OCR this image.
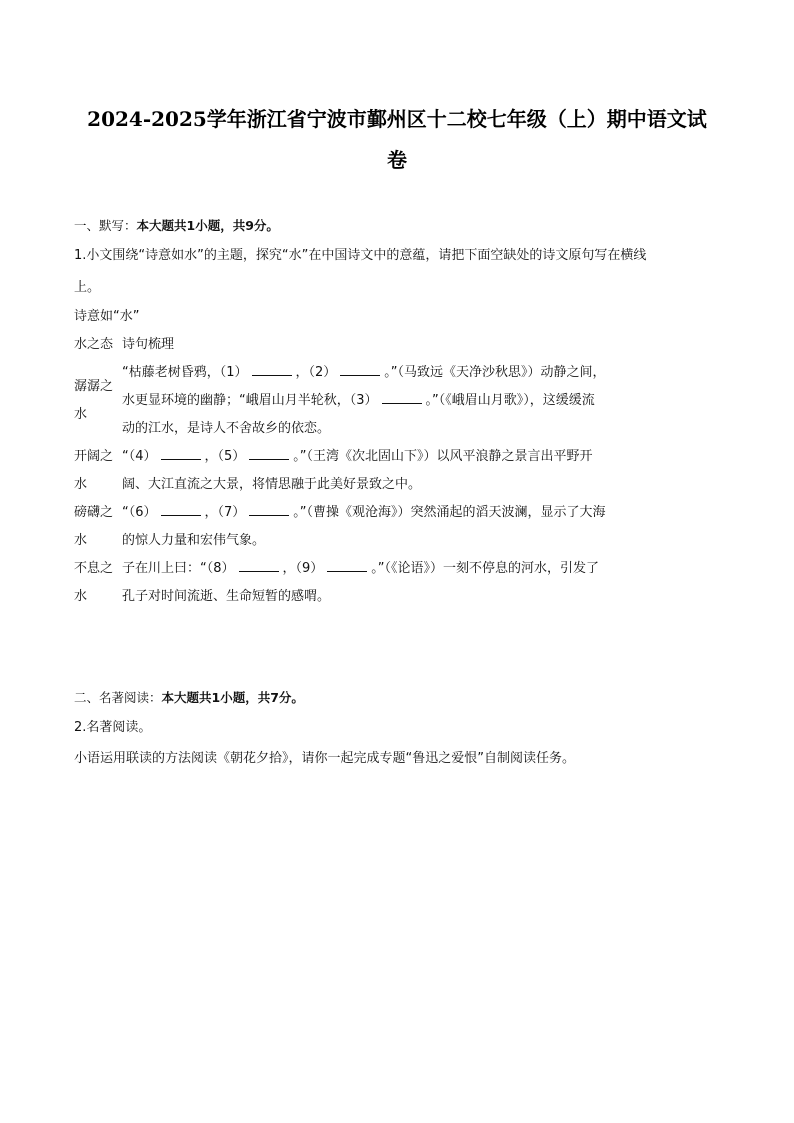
2024-2025学年浙江省宁波市鄞州区十二校七年级（上）期中语文试
卷
一、默写：本大题共1小题，共9分。
1.小文围绕“诗意如水”的主题，探究“水”在中国诗文中的意蕴，请把下面空缺处的诗文原句写在横线
上。
诗意如“水”
水之态 诗句梳理
潺潺之
水
“枯藤老树昏鸦，（1）	，（2）	。”（马致远《天净沙秋思》）动静之间，
水更显环境的幽静；“峨眉山月半轮秋，（3）	。”（《峨眉山月歌》），这缓缓流
动的江水，是诗人不舍故乡的依恋。
开阔之
水
“（4）	，（5）	。”（王湾《次北固山下》）以风平浪静之景言出平野开
阔、大江直流之大景，将情思融于此美好景致之中。
磅礴之
水
“（6）	，（7）	。”（曹操《观沧海》）突然涌起的滔天波澜，显示了大海
的惊人力量和宏伟气象。
不息之
水
子在川上曰：“（8）	，（9）	。”（《论语》）一刻不停息的河水，引发了
孔子对时间流逝、生命短暂的感喟。
二、名著阅读：本大题共1小题，共7分。
2.名著阅读。
小语运用联读的方法阅读《朝花夕拾》，请你一起完成专题“鲁迅之爱恨”自制阅读任务。
